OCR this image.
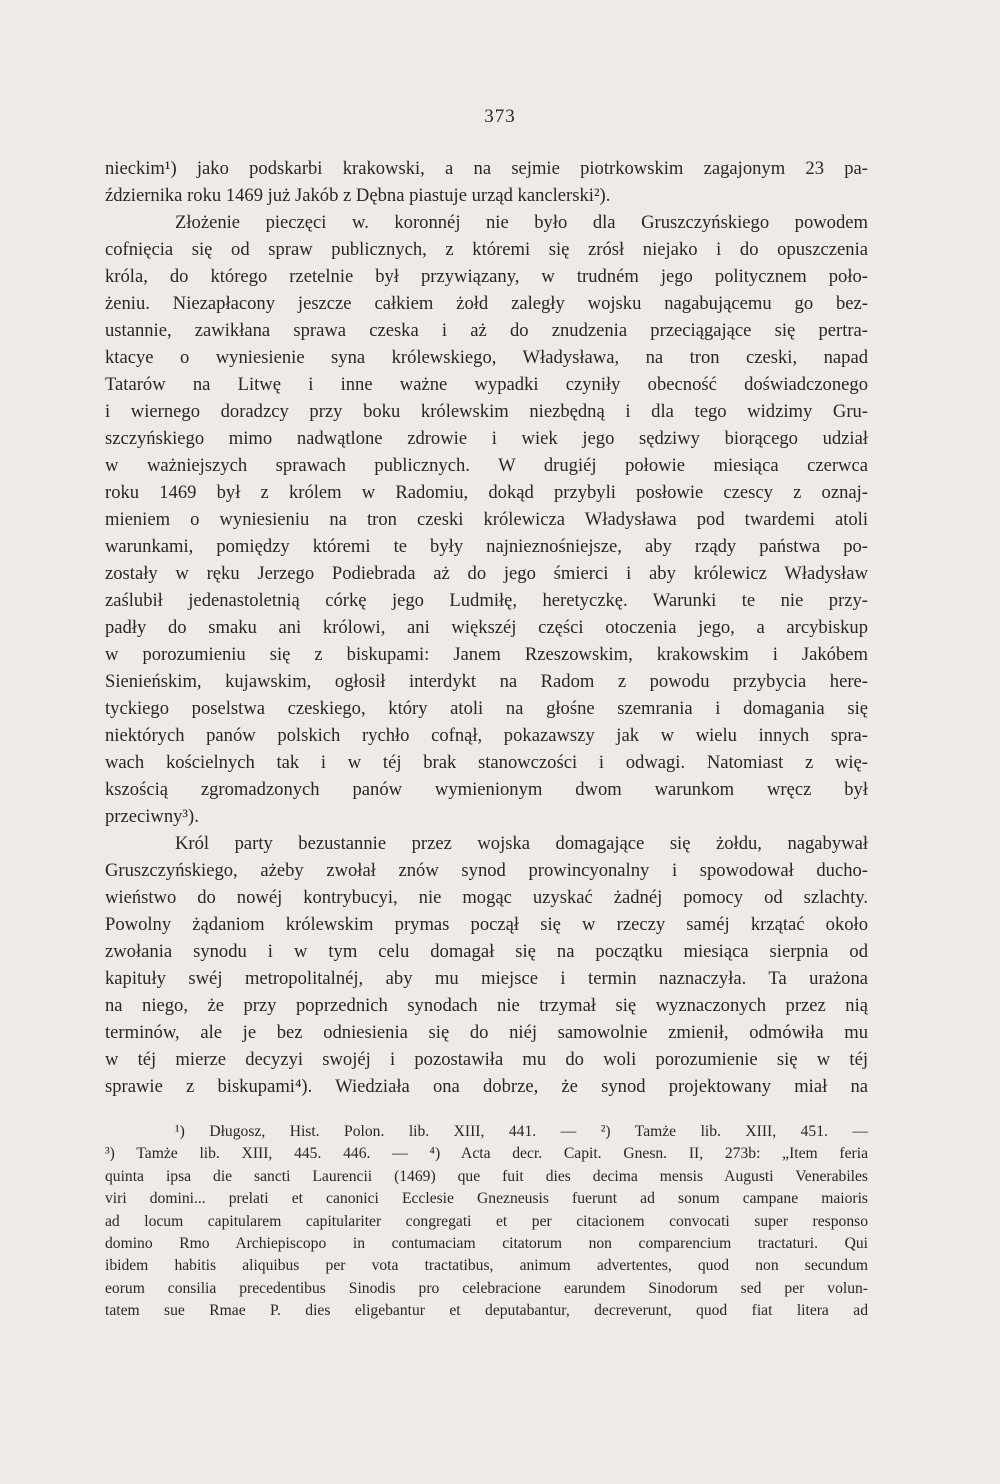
373
nieckim¹) jako podskarbi krakowski, a na sejmie piotrkowskim zagajonym 23 pa-
ździernika roku 1469 już Jakób z Dębna piastuje urząd kanclerski²).
Złożenie pieczęci w. koronnéj nie było dla Gruszczyńskiego powodem
cofnięcia się od spraw publicznych, z któremi się zrósł niejako i do opuszczenia
króla, do którego rzetelnie był przywiązany, w trudném jego politycznem poło-
żeniu. Niezapłacony jeszcze całkiem żołd zaległy wojsku nagabującemu go bez-
ustannie, zawikłana sprawa czeska i aż do znudzenia przeciągające się pertra-
ktacye o wyniesienie syna królewskiego, Władysława, na tron czeski, napad
Tatarów na Litwę i inne ważne wypadki czyniły obecność doświadczonego
i wiernego doradzcy przy boku królewskim niezbędną i dla tego widzimy Gru-
szczyńskiego mimo nadwątlone zdrowie i wiek jego sędziwy biorącego udział
w ważniejszych sprawach publicznych. W drugiéj połowie miesiąca czerwca
roku 1469 był z królem w Radomiu, dokąd przybyli posłowie czescy z oznaj-
mieniem o wyniesieniu na tron czeski królewicza Władysława pod twardemi atoli
warunkami, pomiędzy któremi te były najnieznośniejsze, aby rządy państwa po-
zostały w ręku Jerzego Podiebrada aż do jego śmierci i aby królewicz Władysław
zaślubił jedenastoletnią córkę jego Ludmiłę, heretyczkę. Warunki te nie przy-
padły do smaku ani królowi, ani większéj części otoczenia jego, a arcybiskup
w porozumieniu się z biskupami: Janem Rzeszowskim, krakowskim i Jakóbem
Sienieńskim, kujawskim, ogłosił interdykt na Radom z powodu przybycia here-
tyckiego poselstwa czeskiego, który atoli na głośne szemrania i domagania się
niektórych panów polskich rychło cofnął, pokazawszy jak w wielu innych spra-
wach kościelnych tak i w téj brak stanowczości i odwagi. Natomiast z wię-
kszością zgromadzonych panów wymienionym dwom warunkom wręcz był
przeciwny³).
Król party bezustannie przez wojska domagające się żołdu, nagabywał
Gruszczyńskiego, ażeby zwołał znów synod prowincyonalny i spowodował ducho-
wieństwo do nowéj kontrybucyi, nie mogąc uzyskać żadnéj pomocy od szlachty.
Powolny żądaniom królewskim prymas począł się w rzeczy saméj krzątać około
zwołania synodu i w tym celu domagał się na początku miesiąca sierpnia od
kapituły swéj metropolitalnéj, aby mu miejsce i termin naznaczyła. Ta urażona
na niego, że przy poprzednich synodach nie trzymał się wyznaczonych przez nią
terminów, ale je bez odniesienia się do niéj samowolnie zmienił, odmówiła mu
w téj mierze decyzyi swojéj i pozostawiła mu do woli porozumienie się w téj
sprawie z biskupami⁴). Wiedziała ona dobrze, że synod projektowany miał na
¹) Długosz, Hist. Polon. lib. XIII, 441. — ²) Tamże lib. XIII, 451. —
³) Tamże lib. XIII, 445. 446. — ⁴) Acta decr. Capit. Gnesn. II, 273b: „Item feria
quinta ipsa die sancti Laurencii (1469) que fuit dies decima mensis Augusti Venerabiles
viri domini... prelati et canonici Ecclesie Gnezneusis fuerunt ad sonum campane maioris
ad locum capitularem capitulariter congregati et per citacionem convocati super responso
domino Rmo Archiepiscopo in contumaciam citatorum non comparencium tractaturi. Qui
ibidem habitis aliquibus per vota tractatibus, animum advertentes, quod non secundum
eorum consilia precedentibus Sinodis pro celebracione earundem Sinodorum sed per volun-
tatem sue Rmae P. dies eligebantur et deputabantur, decreverunt, quod fiat litera ad
